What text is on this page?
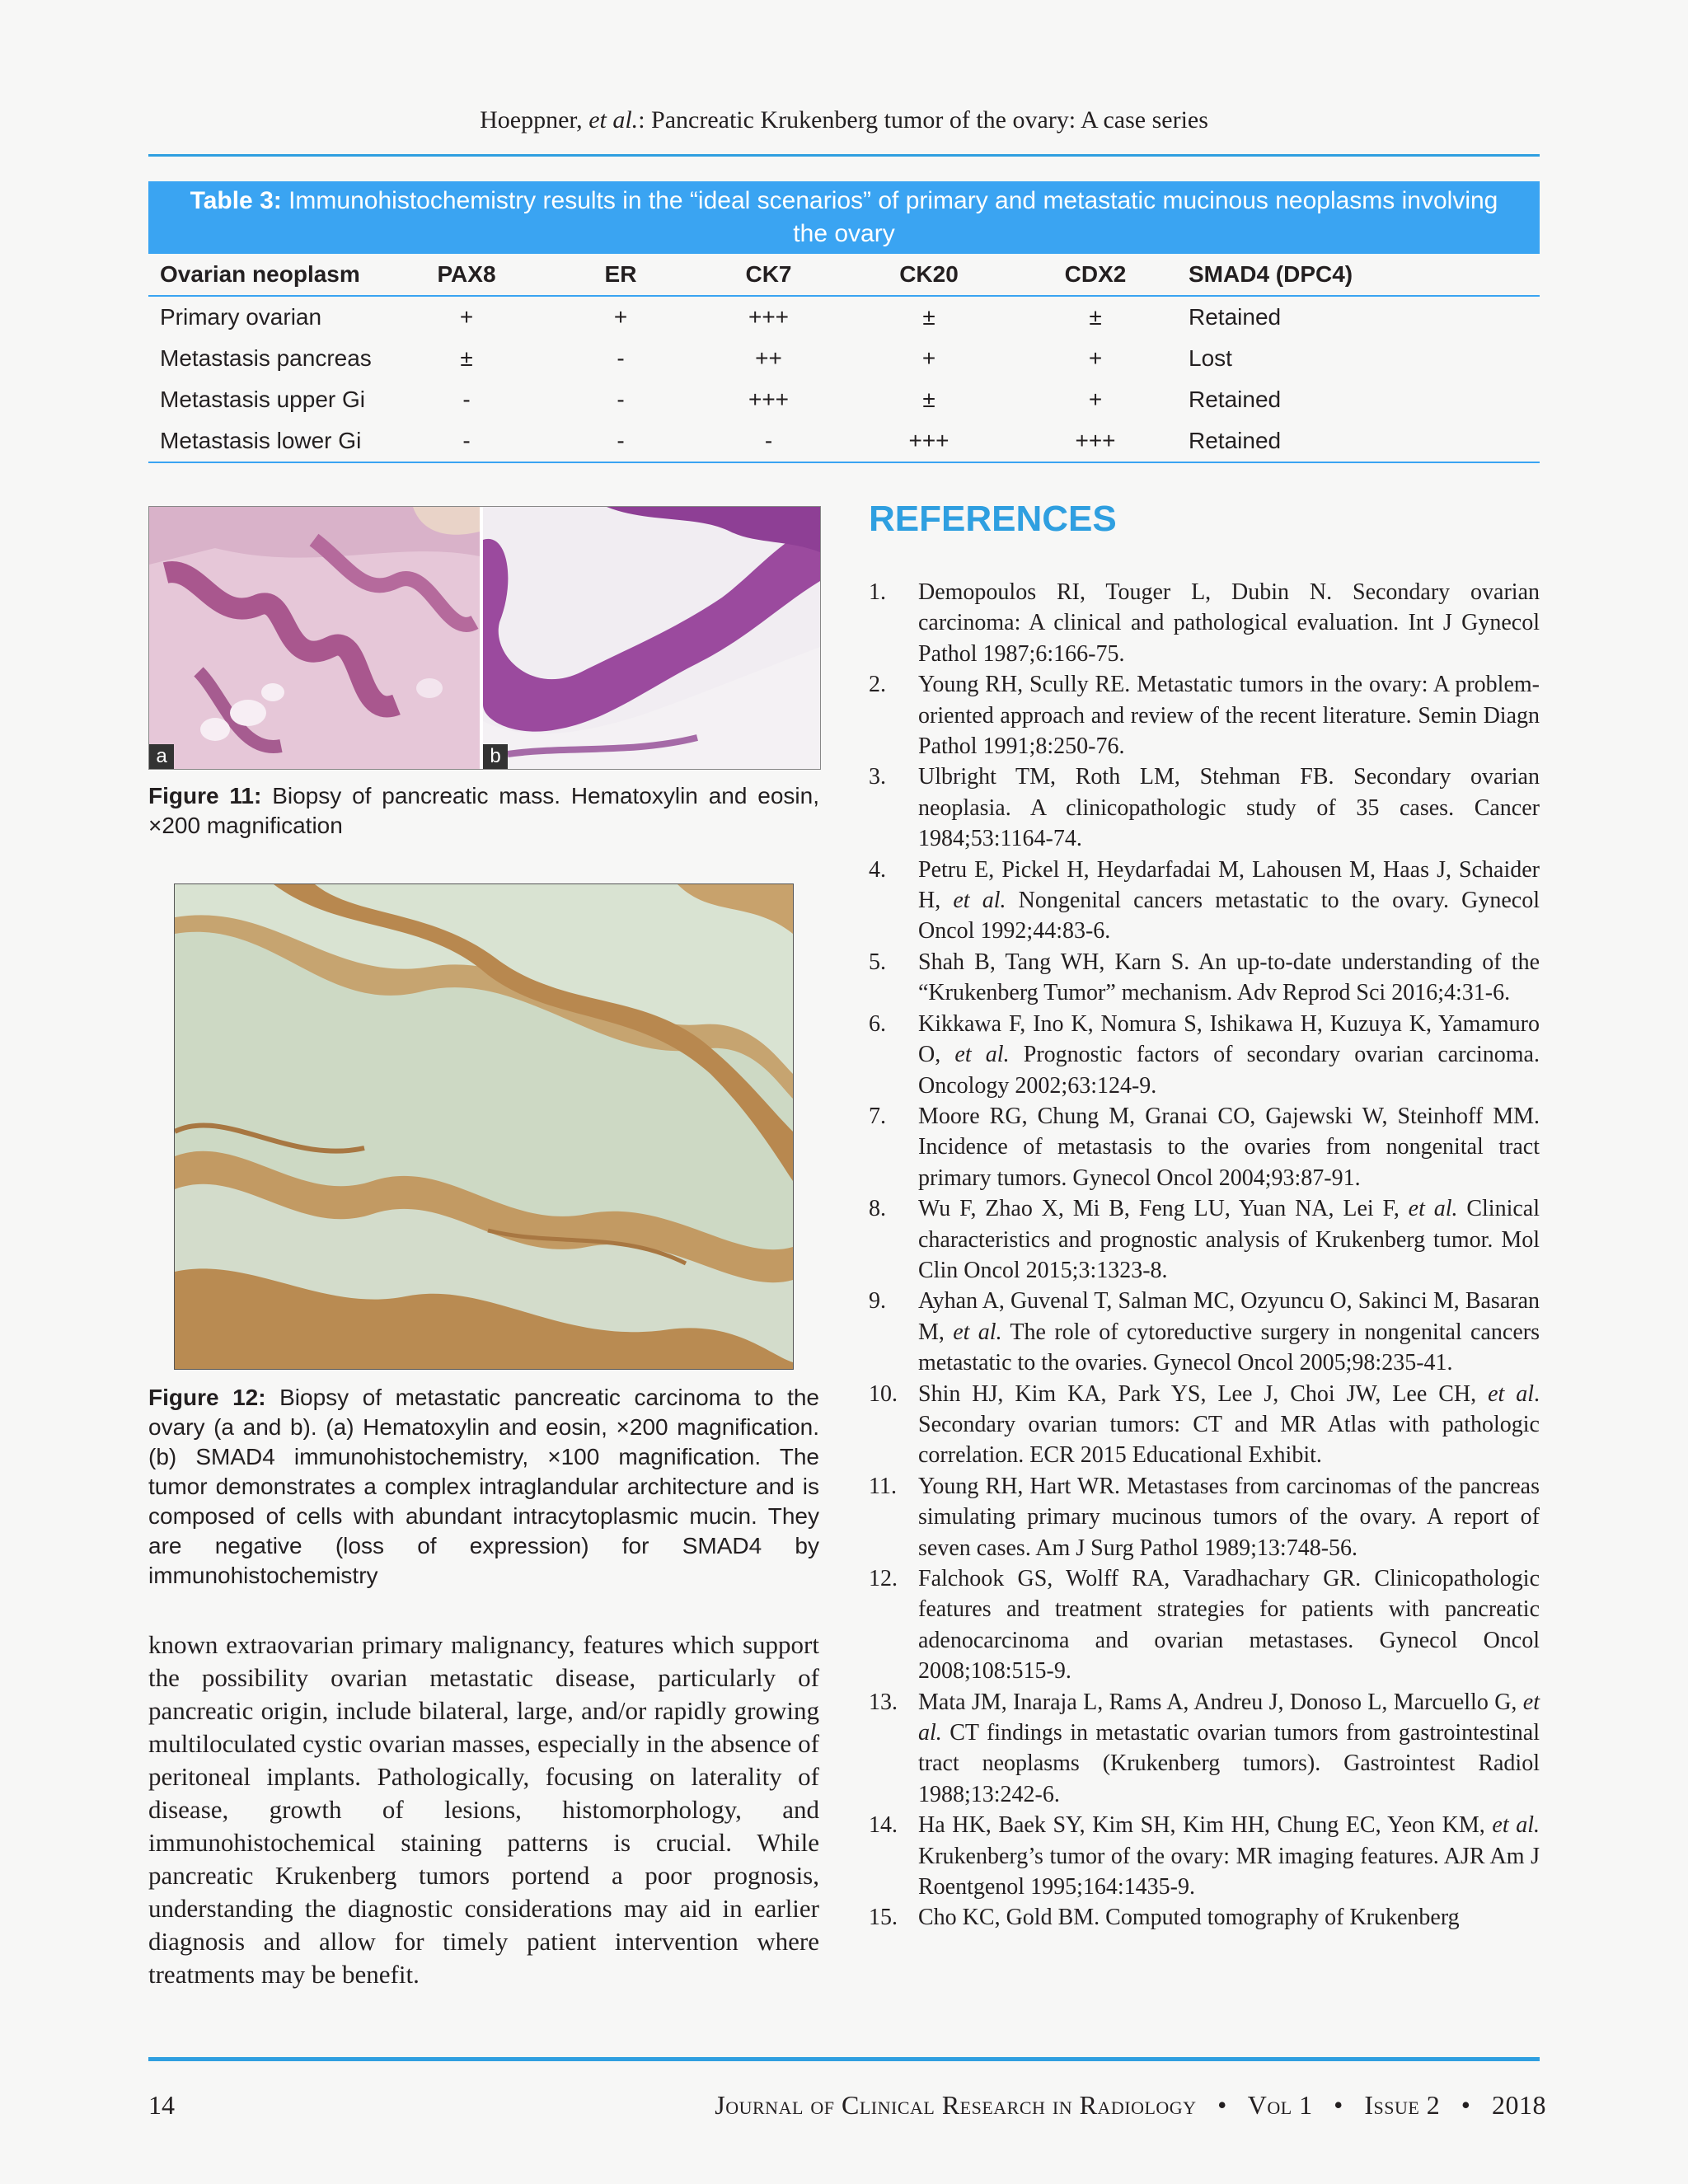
Hoeppner, et al.: Pancreatic Krukenberg tumor of the ovary: A case series
Table 3: Immunohistochemistry results in the “ideal scenarios” of primary and metastatic mucinous neoplasms involving the ovary
Ovarian neoplasm	PAX8	ER	CK7	CK20	CDX2	SMAD4 (DPC4)
Primary ovarian	+	+	+++	±	±	Retained
Metastasis pancreas	±	-	++	+	+	Lost
Metastasis upper Gi	-	-	+++	±	+	Retained
Metastasis lower Gi	-	-	-	+++	+++	Retained
a	b
Figure 11: Biopsy of pancreatic mass. Hematoxylin and eosin, ×200 magnification
Figure 12: Biopsy of metastatic pancreatic carcinoma to the ovary (a and b). (a) Hematoxylin and eosin, ×200 magnification. (b) SMAD4 immunohistochemistry, ×100 magnification. The tumor demonstrates a complex intraglandular architecture and is composed of cells with abundant intracytoplasmic mucin. They are negative (loss of expression) for SMAD4 by immunohistochemistry
known extraovarian primary malignancy, features which support the possibility ovarian metastatic disease, particularly of pancreatic origin, include bilateral, large, and/or rapidly growing multiloculated cystic ovarian masses, especially in the absence of peritoneal implants. Pathologically, focusing on laterality of disease, growth of lesions, histomorphology, and immunohistochemical staining patterns is crucial. While pancreatic Krukenberg tumors portend a poor prognosis, understanding the diagnostic considerations may aid in earlier diagnosis and allow for timely patient intervention where treatments may be benefit.
REFERENCES
1.	Demopoulos RI, Touger L, Dubin N. Secondary ovarian carcinoma: A clinical and pathological evaluation. Int J Gynecol Pathol 1987;6:166-75.
2.	Young RH, Scully RE. Metastatic tumors in the ovary: A problem-oriented approach and review of the recent literature. Semin Diagn Pathol 1991;8:250-76.
3.	Ulbright TM, Roth LM, Stehman FB. Secondary ovarian neoplasia. A clinicopathologic study of 35 cases. Cancer 1984;53:1164-74.
4.	Petru E, Pickel H, Heydarfadai M, Lahousen M, Haas J, Schaider H, et al. Nongenital cancers metastatic to the ovary. Gynecol Oncol 1992;44:83-6.
5.	Shah B, Tang WH, Karn S. An up-to-date understanding of the “Krukenberg Tumor” mechanism. Adv Reprod Sci 2016;4:31-6.
6.	Kikkawa F, Ino K, Nomura S, Ishikawa H, Kuzuya K, Yamamuro O, et al. Prognostic factors of secondary ovarian carcinoma. Oncology 2002;63:124-9.
7.	Moore RG, Chung M, Granai CO, Gajewski W, Steinhoff MM. Incidence of metastasis to the ovaries from nongenital tract primary tumors. Gynecol Oncol 2004;93:87-91.
8.	Wu F, Zhao X, Mi B, Feng LU, Yuan NA, Lei F, et al. Clinical characteristics and prognostic analysis of Krukenberg tumor. Mol Clin Oncol 2015;3:1323-8.
9.	Ayhan A, Guvenal T, Salman MC, Ozyuncu O, Sakinci M, Basaran M, et al. The role of cytoreductive surgery in nongenital cancers metastatic to the ovaries. Gynecol Oncol 2005;98:235-41.
10. Shin HJ, Kim KA, Park YS, Lee J, Choi JW, Lee CH, et al. Secondary ovarian tumors: CT and MR Atlas with pathologic correlation. ECR 2015 Educational Exhibit.
11. Young RH, Hart WR. Metastases from carcinomas of the pancreas simulating primary mucinous tumors of the ovary. A report of seven cases. Am J Surg Pathol 1989;13:748-56.
12. Falchook GS, Wolff RA, Varadhachary GR. Clinicopathologic features and treatment strategies for patients with pancreatic adenocarcinoma and ovarian metastases. Gynecol Oncol 2008;108:515-9.
13. Mata JM, Inaraja L, Rams A, Andreu J, Donoso L, Marcuello G, et al. CT findings in metastatic ovarian tumors from gastrointestinal tract neoplasms (Krukenberg tumors). Gastrointest Radiol 1988;13:242-6.
14. Ha HK, Baek SY, Kim SH, Kim HH, Chung EC, Yeon KM, et al. Krukenberg’s tumor of the ovary: MR imaging features. AJR Am J Roentgenol 1995;164:1435-9.
15. Cho KC, Gold BM. Computed tomography of Krukenberg
14	Journal of Clinical Research in Radiology • Vol 1 • Issue 2 • 2018
